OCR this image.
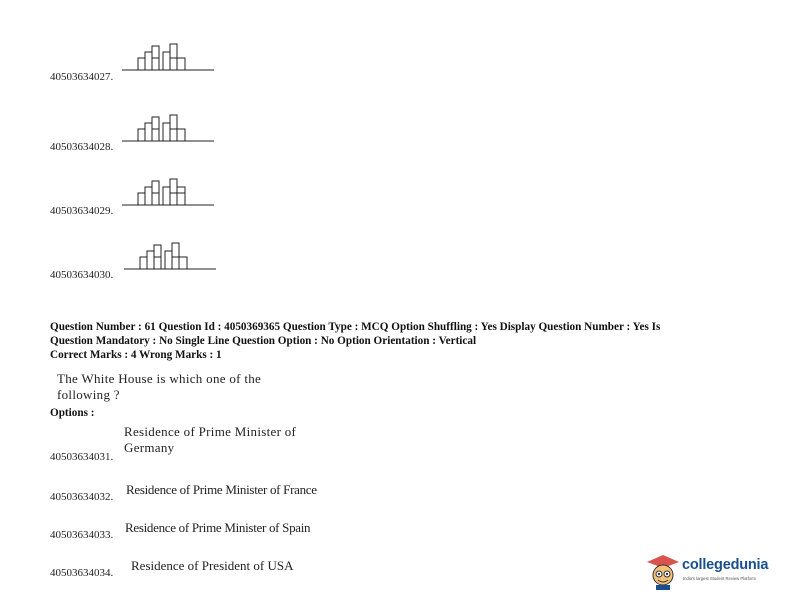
40503634027.
40503634028.
40503634029.
40503634030.
Question Number : 61 Question Id : 4050369365 Question Type : MCQ Option Shuffling : Yes Display Question Number : Yes Is
Question Mandatory : No Single Line Question Option : No Option Orientation : Vertical
Correct Marks : 4 Wrong Marks : 1
The White House is which one of the
following ?
Options :
Residence of Prime Minister of
Germany
40503634031.
Residence of Prime Minister of France
40503634032.
Residence of Prime Minister of Spain
40503634033.
Residence of President of USA
40503634034.	collegedunia
India's largest Student Review Platform
